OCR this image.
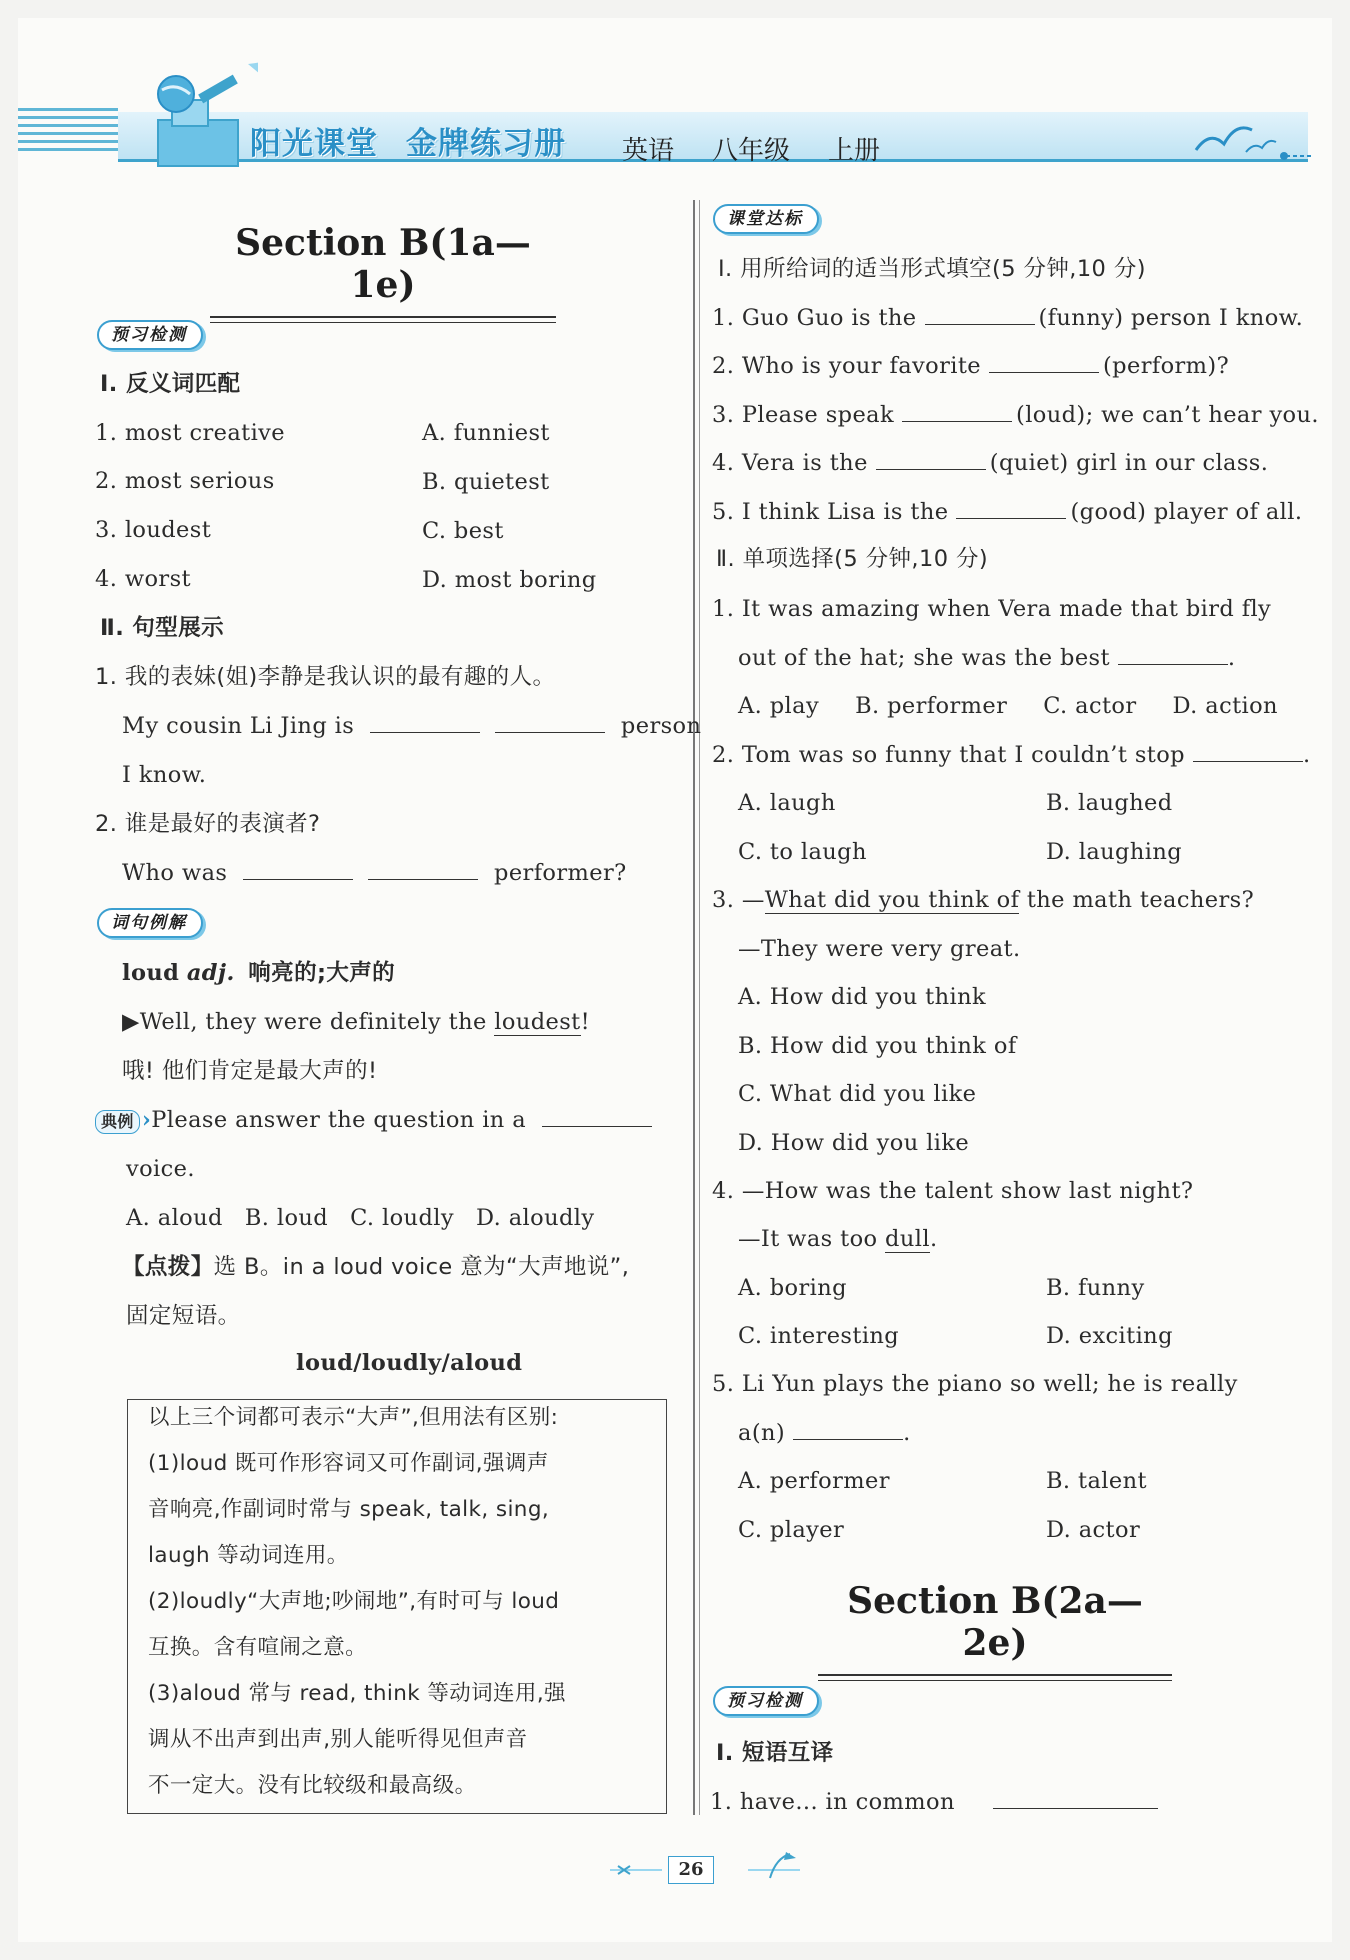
阳光课堂 金牌练习册	英语 八年级 上册
Section B(1a—1e)
预习检测
Ⅰ. 反义词匹配
1. most creative	A. funniest
2. most serious	B. quietest
3. loudest	C. best
4. worst	D. most boring
Ⅱ. 句型展示
1. 我的表妹(姐)李静是我认识的最有趣的人。
My cousin Li Jing is	person
I know.
2. 谁是最好的表演者?
Who was	performer?
词句例解
loud adj. 响亮的;大声的
▶Well, they were definitely the loudest!
哦! 他们肯定是最大声的!
典例 ›Please answer the question in a
voice.
A. aloud B. loud C. loudly D. aloudly
【点拨】选 B。in a loud voice 意为“大声地说”,
固定短语。
loud/loudly/aloud
以上三个词都可表示“大声”,但用法有区别:
(1)loud 既可作形容词又可作副词,强调声
音响亮,作副词时常与 speak, talk, sing,
laugh 等动词连用。
(2)loudly“大声地;吵闹地”,有时可与 loud
互换。含有喧闹之意。
(3)aloud 常与 read, think 等动词连用,强
调从不出声到出声,别人能听得见但声音
不一定大。没有比较级和最高级。
课堂达标
Ⅰ. 用所给词的适当形式填空(5 分钟,10 分)
1. Guo Guo is the	(funny) person I know.
2. Who is your favorite	(perform)?
3. Please speak	(loud); we can’t hear you.
4. Vera is the	(quiet) girl in our class.
5. I think Lisa is the	(good) player of all.
Ⅱ. 单项选择(5 分钟,10 分)
1. It was amazing when Vera made that bird fly
out of the hat; she was the best	.
A. play B. performer C. actor D. action
2. Tom was so funny that I couldn’t stop	.
A. laugh	B. laughed
C. to laugh	D. laughing
3. —What did you think of the math teachers?
—They were very great.
A. How did you think
B. How did you think of
C. What did you like
D. How did you like
4. —How was the talent show last night?
—It was too dull.
A. boring	B. funny
C. interesting	D. exciting
5. Li Yun plays the piano so well; he is really
a(n)	.
A. performer	B. talent
C. player	D. actor
Section B(2a—2e)
预习检测
Ⅰ. 短语互译
1. have... in common
26
